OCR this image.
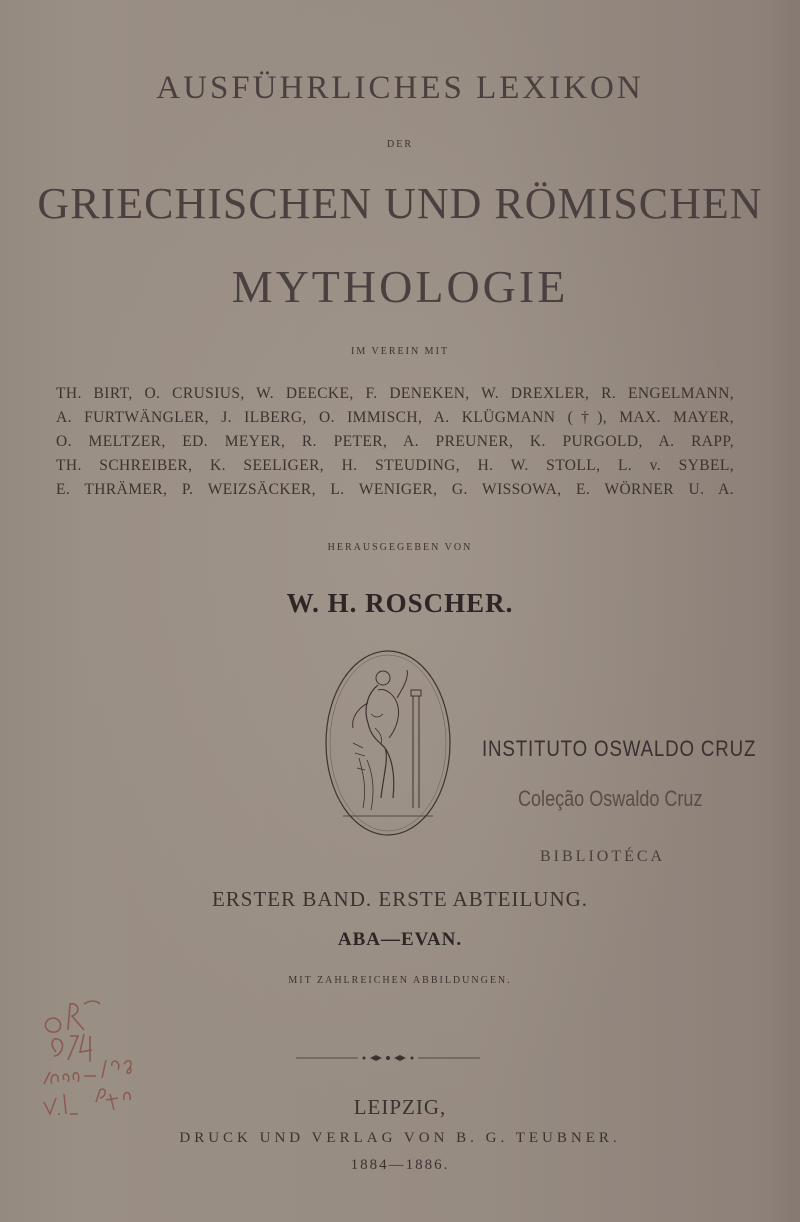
AUSFÜHRLICHES LEXIKON
DER
GRIECHISCHEN UND RÖMISCHEN
MYTHOLOGIE
IM VEREIN MIT
TH. BIRT, O. CRUSIUS, W. DEECKE, F. DENEKEN, W. DREXLER, R. ENGELMANN,
A. FURTWÄNGLER, J. ILBERG, O. IMMISCH, A. KLÜGMANN (†), MAX. MAYER,
O. MELTZER, ED. MEYER, R. PETER, A. PREUNER, K. PURGOLD, A. RAPP,
TH. SCHREIBER, K. SEELIGER, H. STEUDING, H. W. STOLL, L. v. SYBEL,
E. THRÄMER, P. WEIZSÄCKER, L. WENIGER, G. WISSOWA, E. WÖRNER U. A.
HERAUSGEGEBEN VON
W. H. ROSCHER.
INSTITUTO OSWALDO CRUZ
Coleção Oswaldo Cruz
BIBLIOTÉCA
ERSTER BAND. ERSTE ABTEILUNG.
ABA—EVAN.
MIT ZAHLREICHEN ABBILDUNGEN.
LEIPZIG,
DRUCK UND VERLAG VON B. G. TEUBNER.
1884—1886.
